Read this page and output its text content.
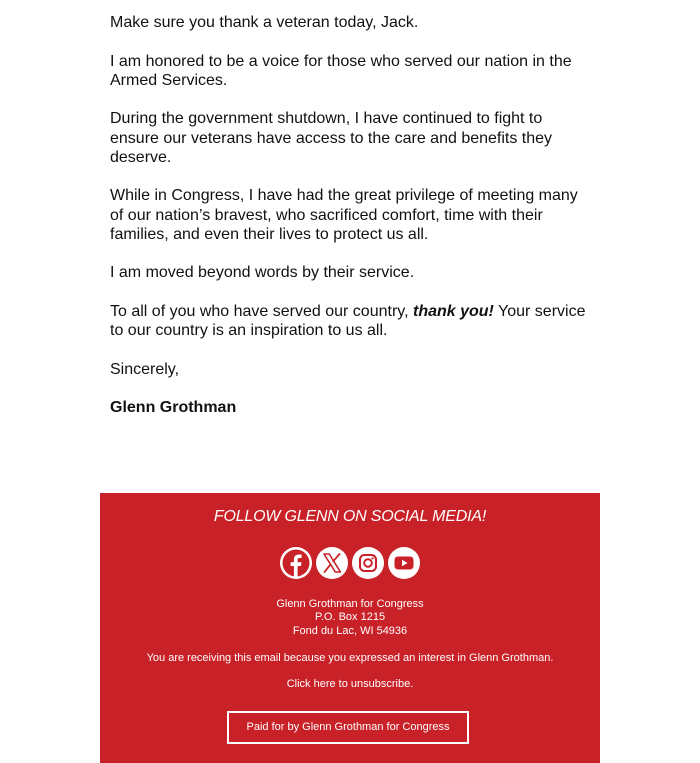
Make sure you thank a veteran today, Jack.

I am honored to be a voice for those who served our nation in the Armed Services.

During the government shutdown, I have continued to fight to ensure our veterans have access to the care and benefits they deserve.

While in Congress, I have had the great privilege of meeting many of our nation’s bravest, who sacrificed comfort, time with their families, and even their lives to protect us all.

I am moved beyond words by their service.

To all of you who have served our country, thank you! Your service to our country is an inspiration to us all.

Sincerely,

Glenn Grothman

FOLLOW GLENN ON SOCIAL MEDIA!
Glenn Grothman for Congress
P.O. Box 1215
Fond du Lac, WI 54936
You are receiving this email because you expressed an interest in Glenn Grothman.
Click here to unsubscribe.
Paid for by Glenn Grothman for Congress
